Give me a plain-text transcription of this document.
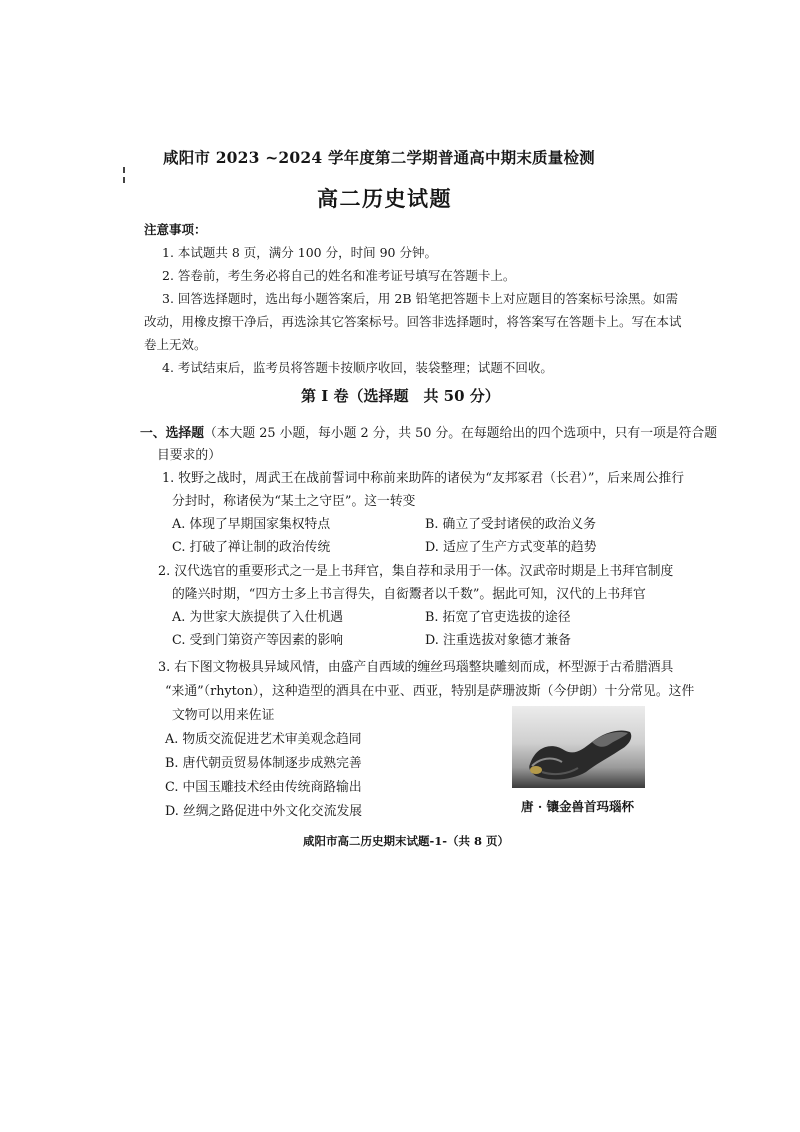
咸阳市 2023 ~2024 学年度第二学期普通高中期末质量检测
高二历史试题
注意事项：
1. 本试题共 8 页，满分 100 分，时间 90 分钟。
2. 答卷前，考生务必将自己的姓名和准考证号填写在答题卡上。
3. 回答选择题时，选出每小题答案后，用 2B 铅笔把答题卡上对应题目的答案标号涂黑。如需
改动，用橡皮擦干净后，再选涂其它答案标号。回答非选择题时，将答案写在答题卡上。写在本试
卷上无效。
4. 考试结束后，监考员将答题卡按顺序收回，装袋整理；试题不回收。
第 Ⅰ 卷（选择题　共 50 分）
一、选择题（本大题 25 小题，每小题 2 分，共 50 分。在每题给出的四个选项中，只有一项是符合题
目要求的）
1. 牧野之战时，周武王在战前誓词中称前来助阵的诸侯为“友邦冢君（长君）”，后来周公推行
分封时，称诸侯为“某土之守臣”。这一转变
A. 体现了早期国家集权特点	B. 确立了受封诸侯的政治义务
C. 打破了禅让制的政治传统	D. 适应了生产方式变革的趋势
2. 汉代选官的重要形式之一是上书拜官，集自荐和录用于一体。汉武帝时期是上书拜官制度
的隆兴时期，“四方士多上书言得失，自衒鬻者以千数”。据此可知，汉代的上书拜官
A. 为世家大族提供了入仕机遇	B. 拓宽了官吏选拔的途径
C. 受到门第资产等因素的影响	D. 注重选拔对象德才兼备
3. 右下图文物极具异域风情，由盛产自西域的缠丝玛瑙整块雕刻而成，杯型源于古希腊酒具
“来通”（rhyton），这种造型的酒具在中亚、西亚，特别是萨珊波斯（今伊朗）十分常见。这件
文物可以用来佐证
A. 物质交流促进艺术审美观念趋同
B. 唐代朝贡贸易体制逐步成熟完善
C. 中国玉雕技术经由传统商路输出
D. 丝绸之路促进中外文化交流发展	唐 · 镶金兽首玛瑙杯
咸阳市高二历史期末试题-1-（共 8 页）
